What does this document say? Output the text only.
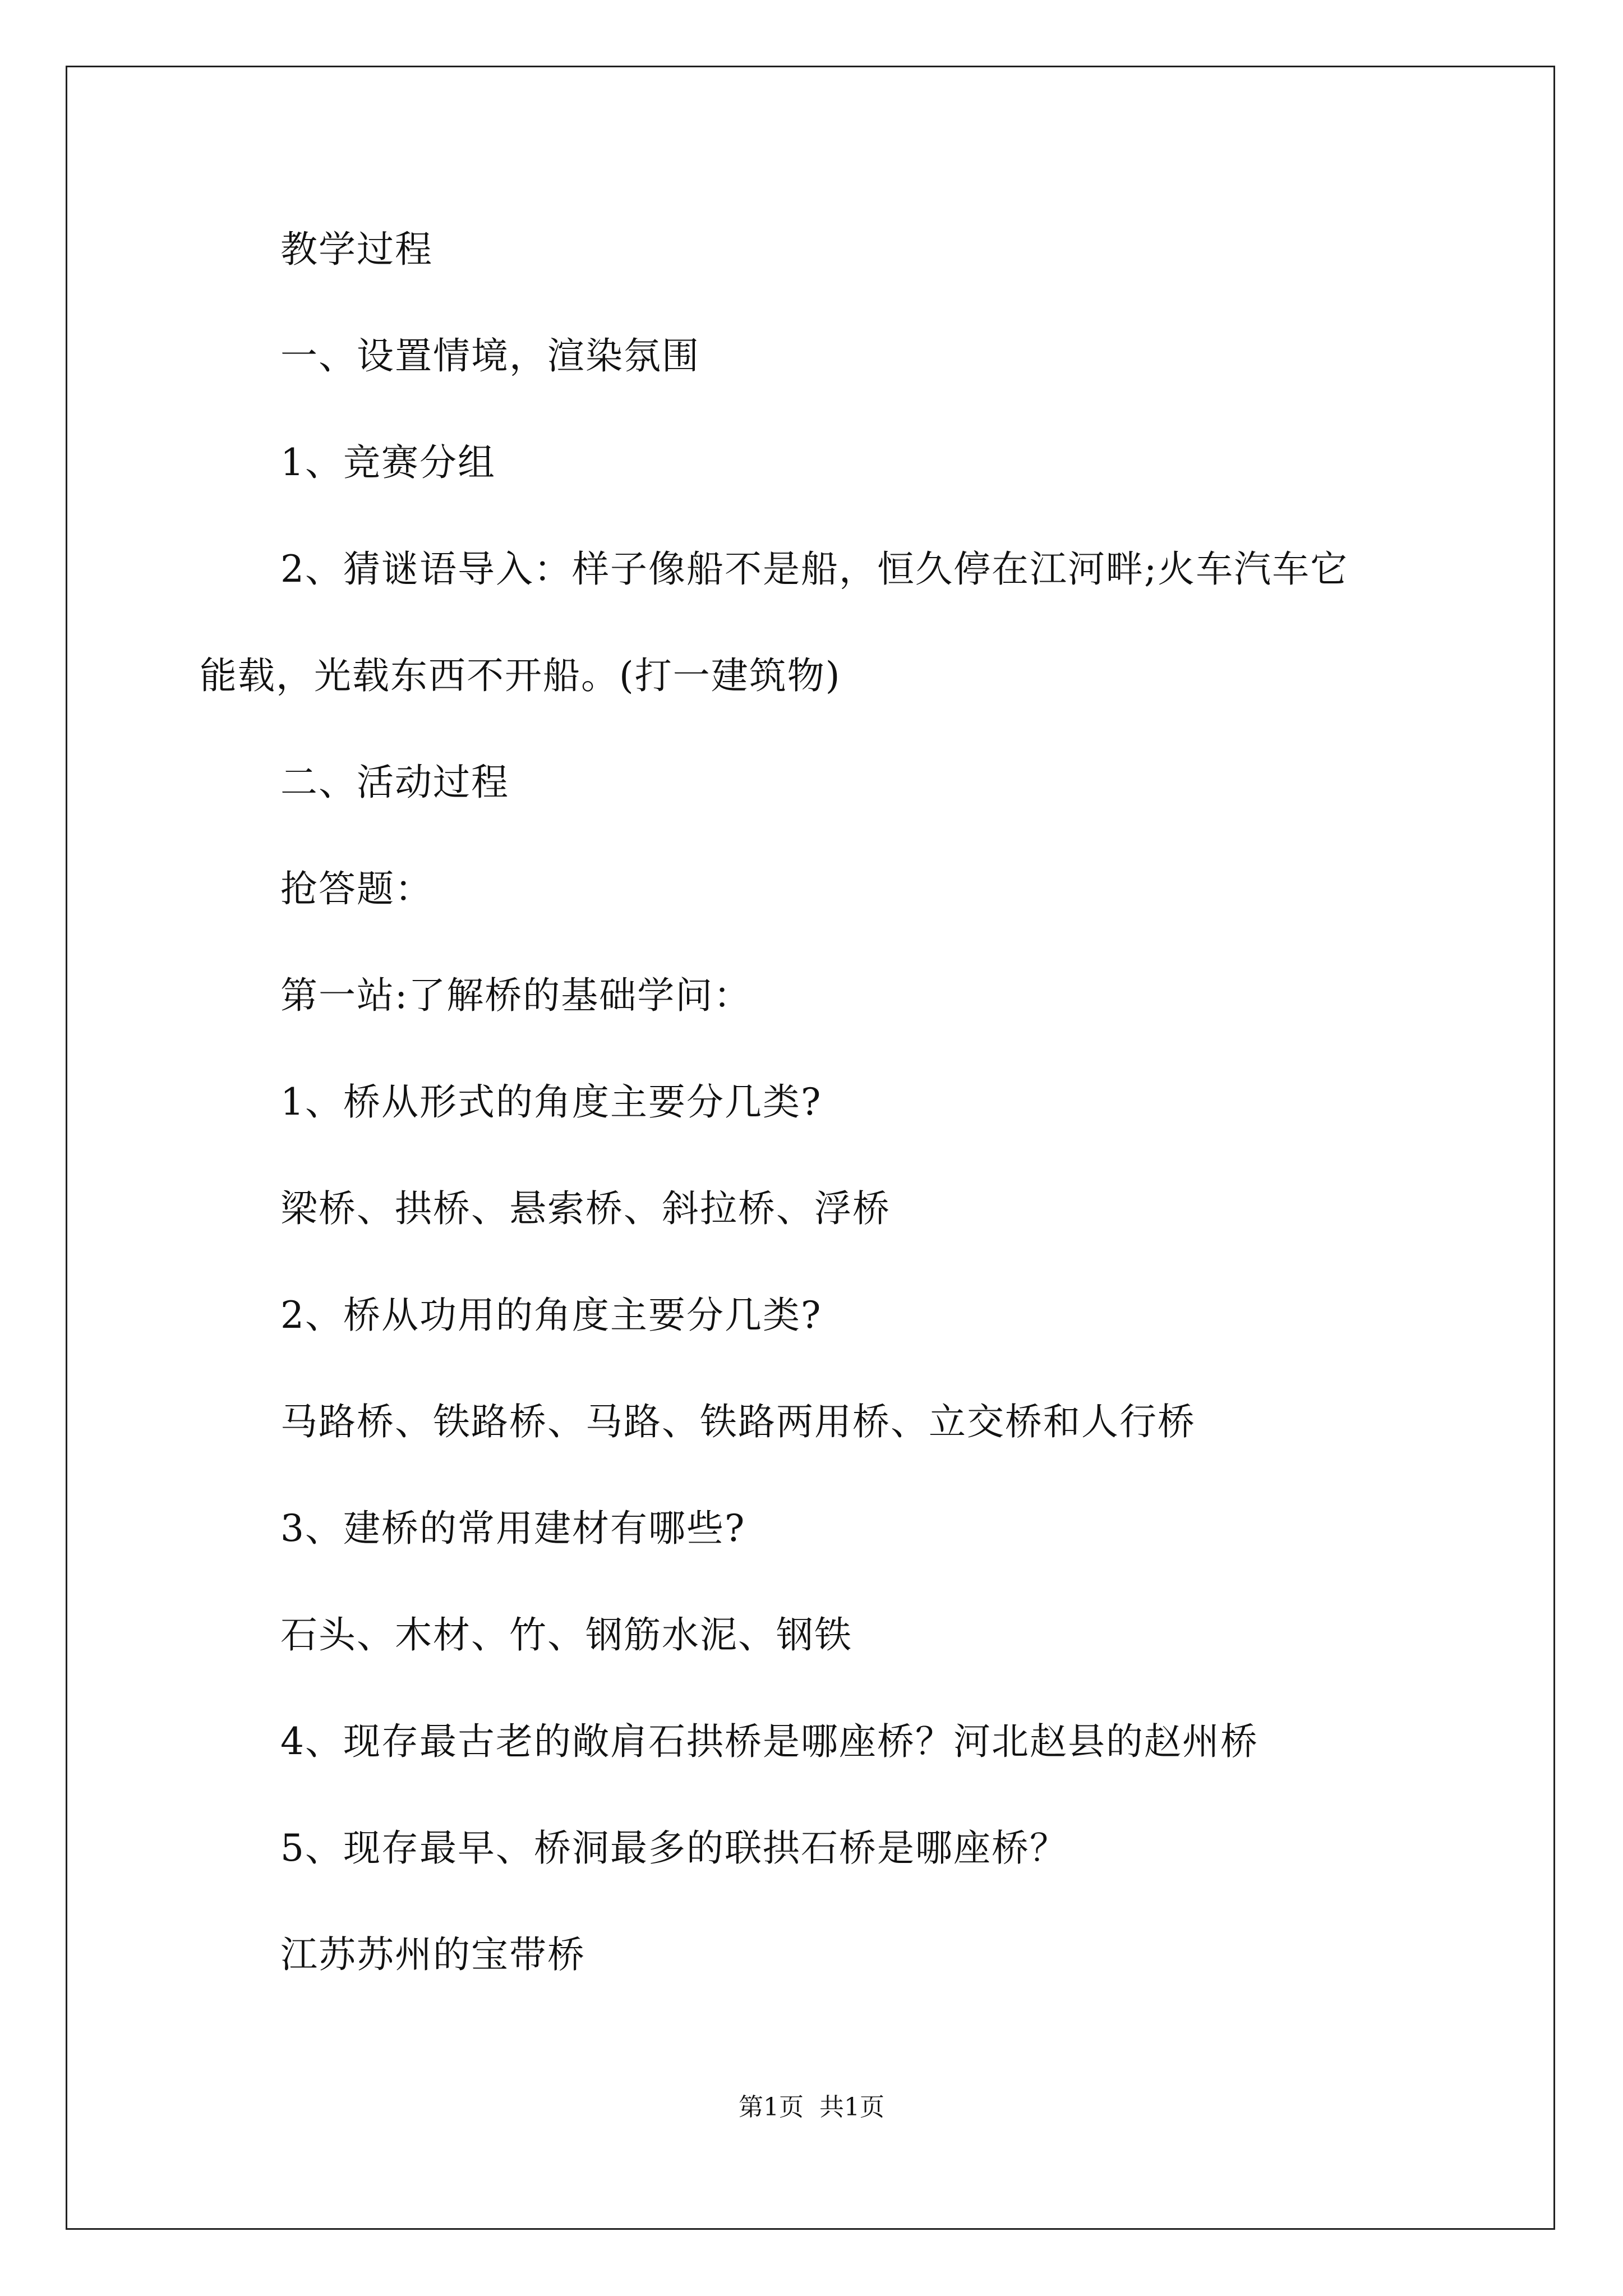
教学过程
一、设置情境，渲染氛围
1、竞赛分组
2、猜谜语导入：样子像船不是船，恒久停在江河畔;火车汽车它
能载，光载东西不开船。(打一建筑物)
二、活动过程
抢答题：
第一站:了解桥的基础学问：
1、桥从形式的角度主要分几类?
梁桥、拱桥、悬索桥、斜拉桥、浮桥
2、桥从功用的角度主要分几类?
马路桥、铁路桥、马路、铁路两用桥、立交桥和人行桥
3、建桥的常用建材有哪些?
石头、木材、竹、钢筋水泥、钢铁
4、现存最古老的敞肩石拱桥是哪座桥？河北赵县的赵州桥
5、现存最早、桥洞最多的联拱石桥是哪座桥？
江苏苏州的宝带桥
第1页 共1页
